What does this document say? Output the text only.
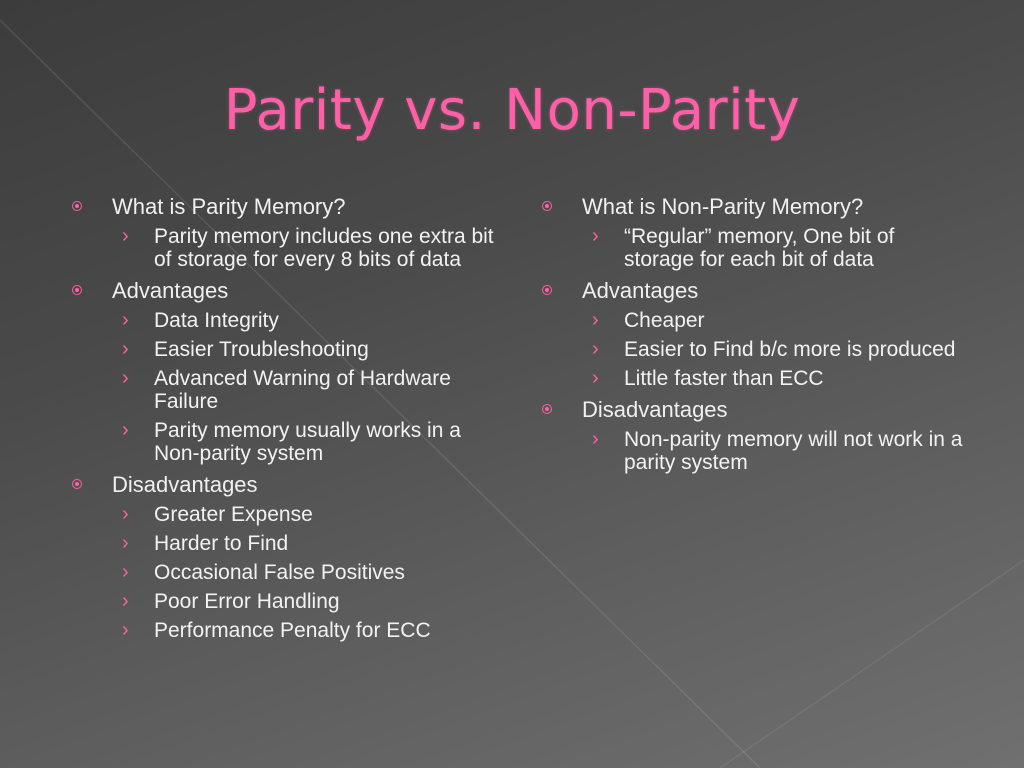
Parity vs. Non-Parity
What is Parity Memory?
› Parity memory includes one extra bit of storage for every 8 bits of data
Advantages
› Data Integrity
› Easier Troubleshooting
› Advanced Warning of Hardware Failure
› Parity memory usually works in a Non-parity system
Disadvantages
› Greater Expense
› Harder to Find
› Occasional False Positives
› Poor Error Handling
› Performance Penalty for ECC
What is Non-Parity Memory?
› “Regular” memory, One bit of storage for each bit of data
Advantages
› Cheaper
› Easier to Find b/c more is produced
› Little faster than ECC
Disadvantages
› Non-parity memory will not work in a parity system
